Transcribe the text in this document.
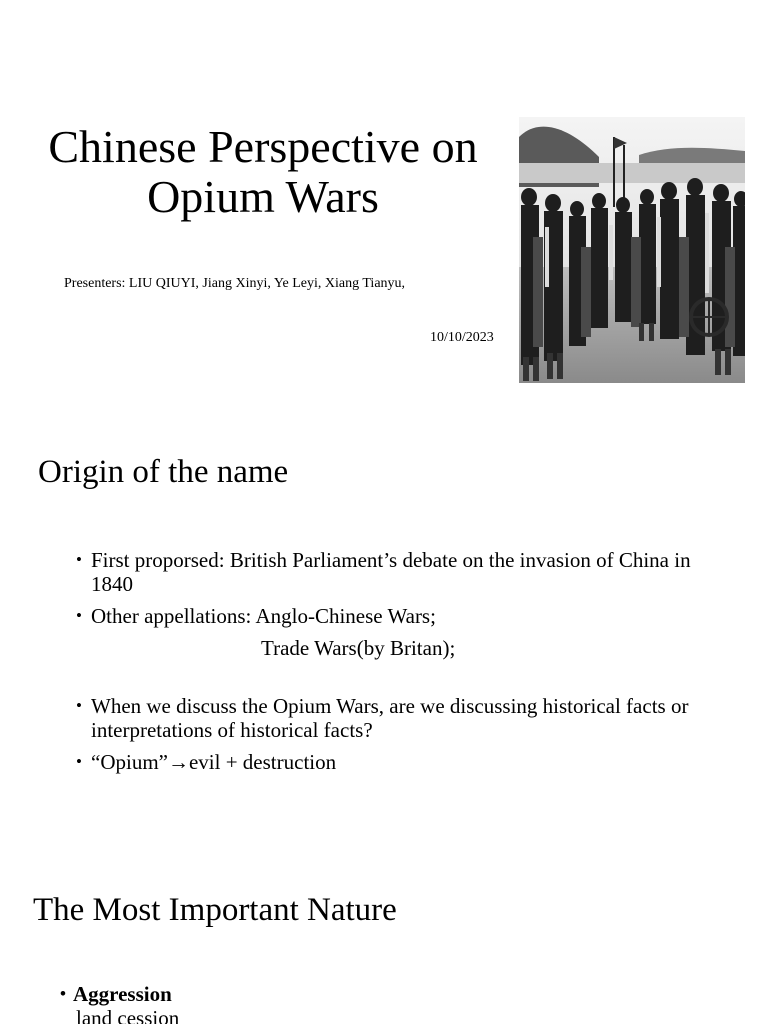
Chinese Perspective on
Opium Wars

Presenters: LIU QIUYI, Jiang Xinyi, Ye Leyi, Xiang Tianyu,

10/10/2023

Origin of the name
• First proporsed: British Parliament’s debate on the invasion of China in 1840
• Other appellations: Anglo-Chinese Wars;
Trade Wars(by Britan);
• When we discuss the Opium Wars, are we discussing historical facts or interpretations of historical facts?
• “Opium”→evil + destruction
The Most Important Nature
• Aggression
land cession
